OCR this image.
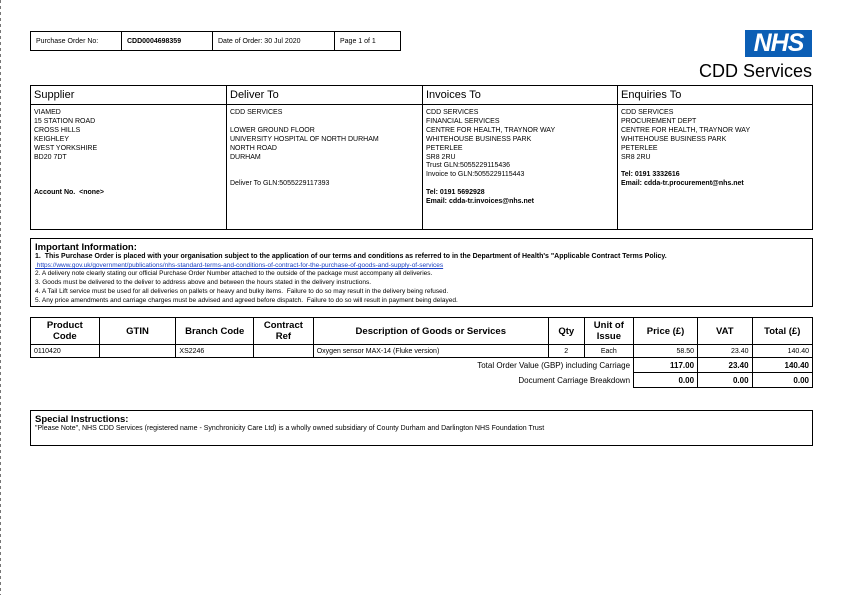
Purchase Order No:	CDD0004698359	Date of Order: 30 Jul 2020	Page 1 of 1	NHS
CDD Services
Supplier
VIAMED
15 STATION ROAD
CROSS HILLS
KEIGHLEY
WEST YORKSHIRE
BD20 7DT
Account No.  <none>
Deliver To
CDD SERVICES
LOWER GROUND FLOOR
UNIVERSITY HOSPITAL OF NORTH DURHAM
NORTH ROAD
DURHAM
Deliver To GLN:5055229117393
Invoices To
CDD SERVICES
FINANCIAL SERVICES
CENTRE FOR HEALTH, TRAYNOR WAY
WHITEHOUSE BUSINESS PARK
PETERLEE
SR8 2RU
Trust GLN:5055229115436
Invoice to GLN:5055229115443
Tel: 0191 5692928
Email: cdda-tr.invoices@nhs.net
Enquiries To
CDD SERVICES
PROCUREMENT DEPT
CENTRE FOR HEALTH, TRAYNOR WAY
WHITEHOUSE BUSINESS PARK
PETERLEE
SR8 2RU
Tel: 0191 3332616
Email: cdda-tr.procurement@nhs.net
Important Information:
1.  This Purchase Order is placed with your organisation subject to the application of our terms and conditions as referred to in the Department of Health's "Applicable Contract Terms Policy.
https://www.gov.uk/government/publications/nhs-standard-terms-and-conditions-of-contract-for-the-purchase-of-goods-and-supply-of-services
2. A delivery note clearly stating our official Purchase Order Number attached to the outside of the package must accompany all deliveries.
3. Goods must be delivered to the deliver to address above and between the hours stated in the delivery instructions.
4. A Tail Lift service must be used for all deliveries on pallets or heavy and bulky items.  Failure to do so may result in the delivery being refused.
5. Any price amendments and carriage charges must be advised and agreed before dispatch.  Failure to do so will result in payment being delayed.
Product Code	GTIN	Branch Code	Contract Ref	Description of Goods or Services	Qty	Unit of Issue	Price (£)	VAT	Total (£)
0110420		XS2246		Oxygen sensor MAX-14 (Fluke version)	2	Each	58.50	23.40	140.40
Total Order Value (GBP) including Carriage							117.00	23.40	140.40
Document Carriage Breakdown							0.00	0.00	0.00
Special Instructions:
"Please Note", NHS CDD Services (registered name - Synchronicity Care Ltd) is a wholly owned subsidiary of County Durham and Darlington NHS Foundation Trust
